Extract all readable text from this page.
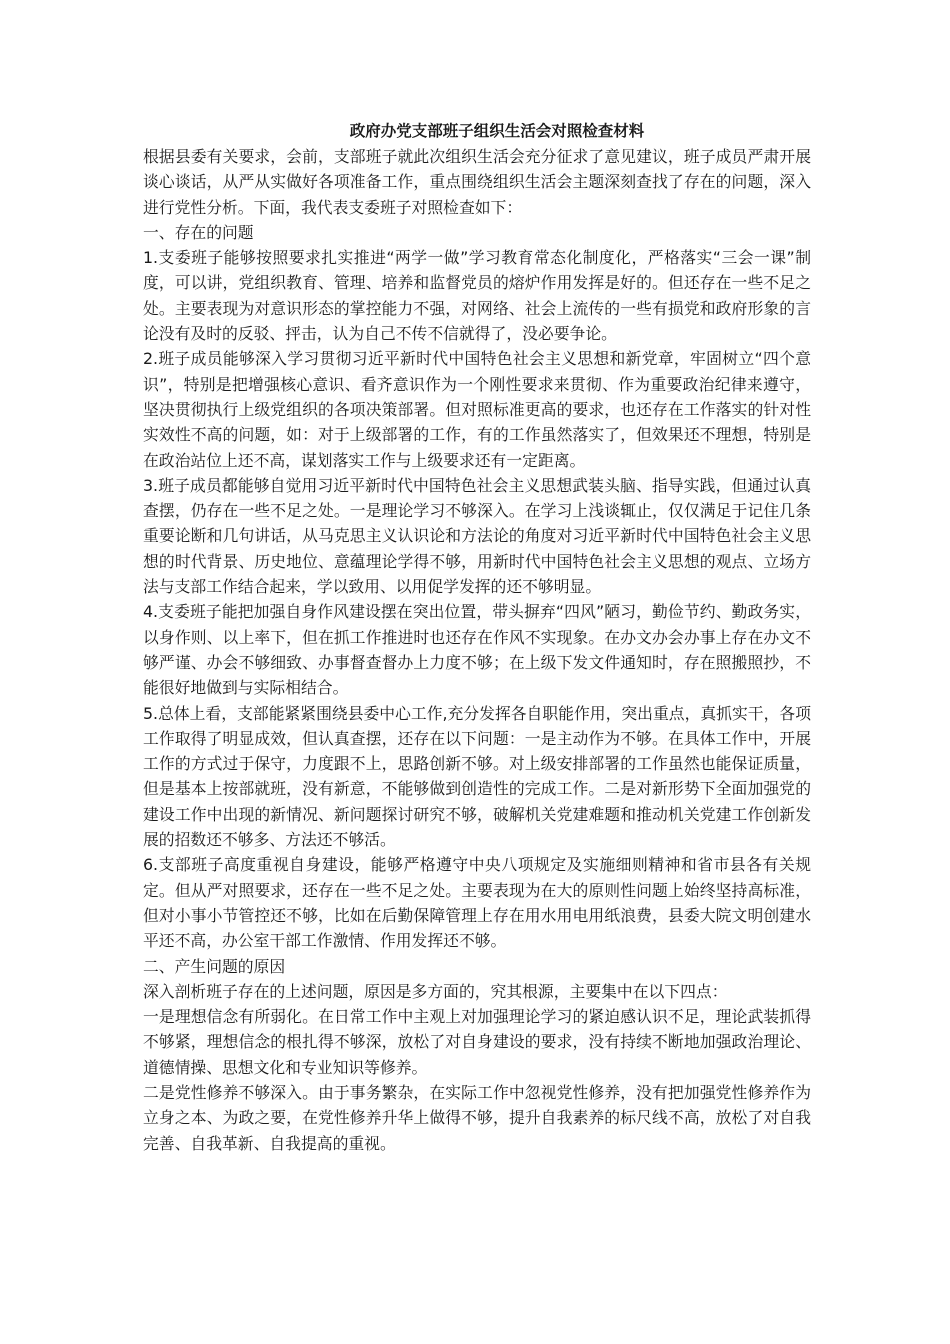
政府办党支部班子组织生活会对照检查材料

根据县委有关要求，会前，支部班子就此次组织生活会充分征求了意见建议，班子成员严肃开展谈心谈话，从严从实做好各项准备工作，重点围绕组织生活会主题深刻查找了存在的问题，深入进行党性分析。下面，我代表支委班子对照检查如下：

一、存在的问题

1.支委班子能够按照要求扎实推进“两学一做”学习教育常态化制度化，严格落实“三会一课”制度，可以讲，党组织教育、管理、培养和监督党员的熔炉作用发挥是好的。但还存在一些不足之处。主要表现为对意识形态的掌控能力不强，对网络、社会上流传的一些有损党和政府形象的言论没有及时的反驳、抨击，认为自己不传不信就得了，没必要争论。

2.班子成员能够深入学习贯彻习近平新时代中国特色社会主义思想和新党章，牢固树立“四个意识”，特别是把增强核心意识、看齐意识作为一个刚性要求来贯彻、作为重要政治纪律来遵守，坚决贯彻执行上级党组织的各项决策部署。但对照标准更高的要求，也还存在工作落实的针对性实效性不高的问题，如：对于上级部署的工作，有的工作虽然落实了，但效果还不理想，特别是在政治站位上还不高，谋划落实工作与上级要求还有一定距离。

3.班子成员都能够自觉用习近平新时代中国特色社会主义思想武装头脑、指导实践，但通过认真查摆，仍存在一些不足之处。一是理论学习不够深入。在学习上浅谈辄止，仅仅满足于记住几条重要论断和几句讲话，从马克思主义认识论和方法论的角度对习近平新时代中国特色社会主义思想的时代背景、历史地位、意蕴理论学得不够，用新时代中国特色社会主义思想的观点、立场方法与支部工作结合起来，学以致用、以用促学发挥的还不够明显。

4.支委班子能把加强自身作风建设摆在突出位置，带头摒弃“四风”陋习，勤俭节约、勤政务实，以身作则、以上率下，但在抓工作推进时也还存在作风不实现象。在办文办会办事上存在办文不够严谨、办会不够细致、办事督查督办上力度不够；在上级下发文件通知时，存在照搬照抄，不能很好地做到与实际相结合。

5.总体上看，支部能紧紧围绕县委中心工作,充分发挥各自职能作用，突出重点，真抓实干，各项工作取得了明显成效，但认真查摆，还存在以下问题：一是主动作为不够。在具体工作中，开展工作的方式过于保守，力度跟不上，思路创新不够。对上级安排部署的工作虽然也能保证质量，但是基本上按部就班，没有新意，不能够做到创造性的完成工作。二是对新形势下全面加强党的建设工作中出现的新情况、新问题探讨研究不够，破解机关党建难题和推动机关党建工作创新发展的招数还不够多、方法还不够活。

6.支部班子高度重视自身建设，能够严格遵守中央八项规定及实施细则精神和省市县各有关规定。但从严对照要求，还存在一些不足之处。主要表现为在大的原则性问题上始终坚持高标准，但对小事小节管控还不够，比如在后勤保障管理上存在用水用电用纸浪费，县委大院文明创建水平还不高，办公室干部工作激情、作用发挥还不够。

二、产生问题的原因

深入剖析班子存在的上述问题，原因是多方面的，究其根源，主要集中在以下四点：

一是理想信念有所弱化。在日常工作中主观上对加强理论学习的紧迫感认识不足，理论武装抓得不够紧，理想信念的根扎得不够深，放松了对自身建设的要求，没有持续不断地加强政治理论、道德情操、思想文化和专业知识等修养。

二是党性修养不够深入。由于事务繁杂，在实际工作中忽视党性修养，没有把加强党性修养作为立身之本、为政之要，在党性修养升华上做得不够，提升自我素养的标尺线不高，放松了对自我完善、自我革新、自我提高的重视。
